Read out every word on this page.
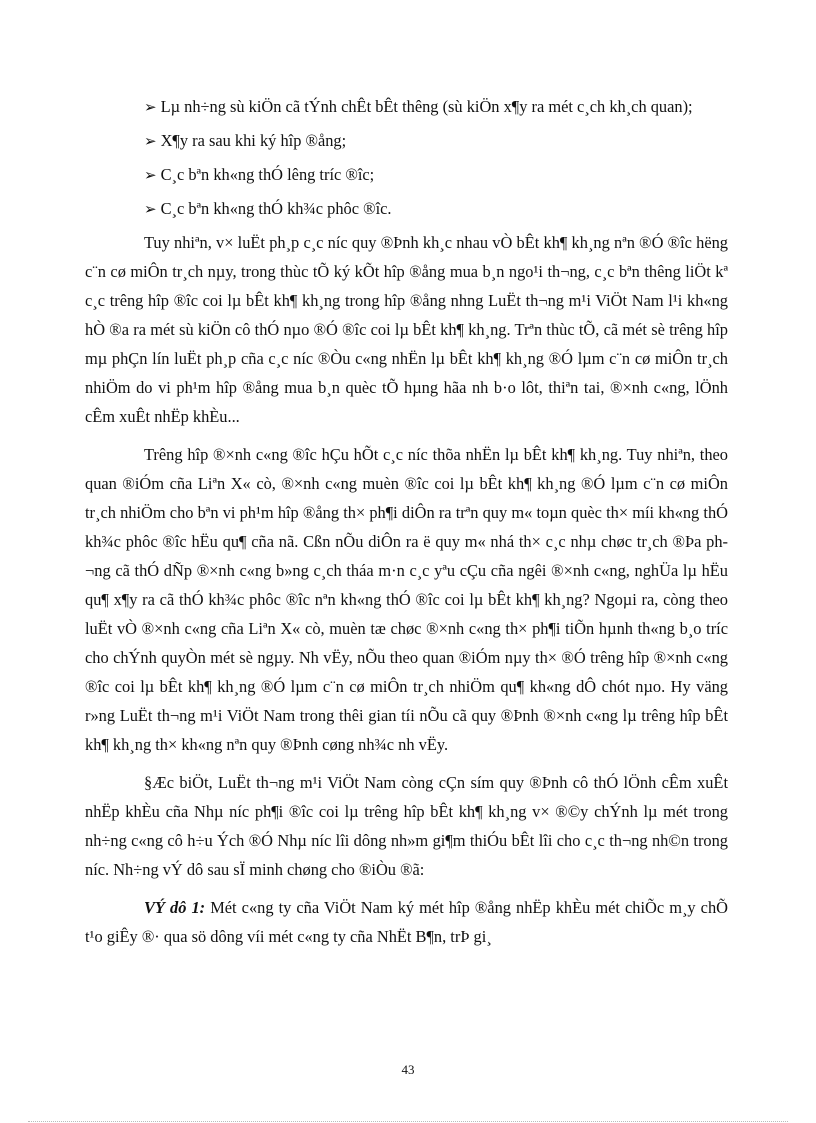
➢ Lµ nh÷ng sù kiÖn cã tÝnh chÊt bÊt thêng (sù kiÖn x¶y ra mét c¸ch kh¸ch quan);

➢ X¶y ra sau khi ký hîp ®ång;

➢ C¸c bªn kh«ng thÓ lêng tríc ®îc;

➢ C¸c bªn kh«ng thÓ kh¾c phôc ®îc.

Tuy nhiªn, v× luËt ph¸p c¸c níc quy ®Þnh kh¸c nhau vÒ bÊt kh¶ kh¸ng nªn ®Ó ®îc hëng c¨n cø miÔn tr¸ch nµy, trong thùc tÕ ký kÕt hîp ®ång mua b¸n ngo¹i th¬ng, c¸c bªn thêng liÖt kª c¸c trêng hîp ®îc coi lµ bÊt kh¶ kh¸ng trong hîp ®ång nhng LuËt th¬ng m¹i ViÖt Nam l¹i kh«ng hÒ ®a ra mét sù kiÖn cô thÓ nµo ®Ó ®îc coi lµ bÊt kh¶ kh¸ng. Trªn thùc tÕ, cã mét sè trêng hîp mµ phÇn lín luËt ph¸p cña c¸c níc ®Òu c«ng nhËn lµ bÊt kh¶ kh¸ng ®Ó lµm c¨n cø miÔn tr¸ch nhiÖm do vi ph¹m hîp ®ång mua b¸n quèc tÕ hµng hãa nh b·o lôt, thiªn tai, ®×nh c«ng, lÖnh cÊm xuÊt nhËp khÈu...

Trêng hîp ®×nh c«ng ®îc hÇu hÕt c¸c níc thõa nhËn lµ bÊt kh¶ kh¸ng. Tuy nhiªn, theo quan ®iÓm cña Liªn X« cò, ®×nh c«ng muèn ®îc coi lµ bÊt kh¶ kh¸ng ®Ó lµm c¨n cø miÔn tr¸ch nhiÖm cho bªn vi ph¹m hîp ®ång th× ph¶i diÔn ra trªn quy m« toµn quèc th× míi kh«ng thÓ kh¾c phôc ®îc hËu qu¶ cña nã. Cßn nÕu diÔn ra ë quy m« nhá th× c¸c nhµ chøc tr¸ch ®Þa ph¬ng cã thÓ dÑp ®×nh c«ng b»ng c¸ch tháa m·n c¸c yªu cÇu cña ngêi ®×nh c«ng, nghÜa lµ hËu qu¶ x¶y ra cã thÓ kh¾c phôc ®îc nªn kh«ng thÓ ®îc coi lµ bÊt kh¶ kh¸ng? Ngoµi ra, còng theo luËt vÒ ®×nh c«ng cña Liªn X« cò, muèn tæ chøc ®×nh c«ng th× ph¶i tiÕn hµnh th«ng b¸o tríc cho chÝnh quyÒn mét sè ngµy. Nh vËy, nÕu theo quan ®iÓm nµy th× ®Ó trêng hîp ®×nh c«ng ®îc coi lµ bÊt kh¶ kh¸ng ®Ó lµm c¨n cø miÔn tr¸ch nhiÖm qu¶ kh«ng dÔ chót nµo. Hy väng r»ng LuËt th¬ng m¹i ViÖt Nam trong thêi gian tíi nÕu cã quy ®Þnh ®×nh c«ng lµ trêng hîp bÊt kh¶ kh¸ng th× kh«ng nªn quy ®Þnh cøng nh¾c nh vËy.

§Æc biÖt, LuËt th¬ng m¹i ViÖt Nam còng cÇn sím quy ®Þnh cô thÓ lÖnh cÊm xuÊt nhËp khÈu cña Nhµ níc ph¶i ®îc coi lµ trêng hîp bÊt kh¶ kh¸ng v× ®©y chÝnh lµ mét trong nh÷ng c«ng cô h÷u Ých ®Ó Nhµ níc lîi dông nh»m gi¶m thiÓu bÊt lîi cho c¸c th¬ng nh©n trong níc. Nh÷ng vÝ dô sau sÏ minh chøng cho ®iÒu ®ã:

VÝ dô 1: Mét c«ng ty cña ViÖt Nam ký mét hîp ®ång nhËp khÈu mét chiÕc m¸y chÕ t¹o giÊy ®· qua sö dông víi mét c«ng ty cña NhËt B¶n, trÞ gi¸

43
